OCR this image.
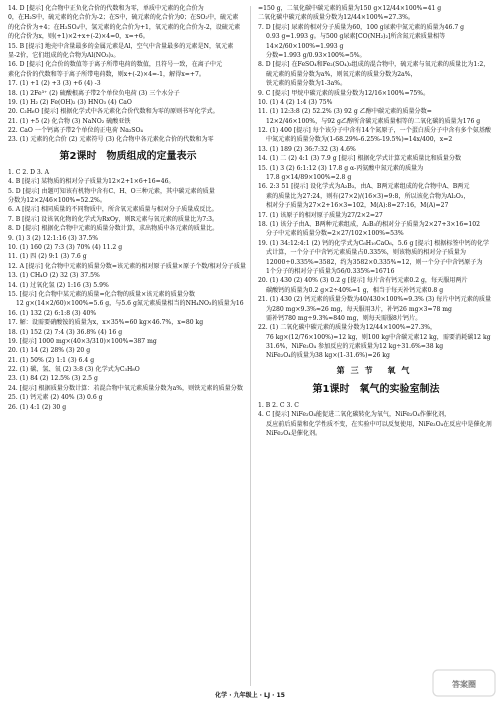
14. D [提示] 化合物中正负化合价的代数和为零，单质中元素的化合价为
0，在H₂S中，硫元素的化合价为-2；在S中，硫元素的化合价为0；在SO₂中，硫元素
的化合价为+4；在H₂SO₄中，氢元素的化合价为+1，氧元素的化合价为-2，设硫元素
的化合价为x，则(+1)×2+x+(-2)×4=0，x=+6。
15. B [提示] 地壳中含量最多的金属元素是Al，空气中含量最多的元素是N，氧元素
显-2价，它们组成的化合物为Al(NO₃)₃。
16. D [提示] 化合价的数值等于离子所带电荷的数值，且符号一致，在离子中元
素化合价的代数和等于离子所带电荷数，则x+(-2)×4=-1，解得x=+7。
17. (1) +1 (2) +3 (3) +6 (4) -3
18. (1) 2Fe³⁺ (2) 硫酸根离子带2个单位负电荷 (3) 三个水分子
19. (1) H₂ (2) Fe(OH)₂ (3) HNO₃ (4) CaO
20. C₂H₆O [提示] 根据化学式中各元素化合价代数和为零的原则书写化学式。
21. (1) +5 (2) 化合物 (3) NaNO₂ 硫酸亚铁
22. CaO 一个钙离子带2个单位的正电荷 Na₂SO₄
23. (1) 元素的化合价 (2) 元素符号 (3) 化合物中各元素化合价的代数和为零
第2课时 物质组成的定量表示
1. C 2. D 3. A
4. B [提示] 某物质的相对分子质量为12×2+1×6+16=46。
5. D [提示] 由题可知该有机物中含有C、H、O三种元素，其中碳元素的质量
分数为12×2/46×100%≈52.2%。
6. A [提示] 相同质量的不同物质中，所含氧元素质量与相对分子质量成反比。
7. B [提示] 设该氧化物的化学式为RxOy，则R元素与氧元素的质量比为7:3。
8. D [提示] 根据化合物中元素的质量分数计算，求出物质中各元素的质量比。
9. (1) 3 (2) 12:1:16 (3) 37.5%
10. (1) 160 (2) 7:3 (3) 70% (4) 11.2 g
11. (1) 四 (2) 9:1 (3) 7.6 g
12. A [提示] 化合物中元素的质量分数=该元素的相对原子质量×原子个数/相对分子质量
13. (1) CH₄O (2) 32 (3) 37.5%
14. (1) 过氧化氢 (2) 1:16 (3) 5.9%
15. [提示] 化合物中某元素的质量=化合物的质量×该元素的质量分数
12 g×(14×2/60)×100%=5.6 g，与5.6 g氮元素质量相当的NH₄NO₃的质量为16
16. (1) 132 (2) 6:1:8 (3) 40%
17. 解：设需要硝酸铵的质量为x，x×35%=60 kg×46.7%，x=80 kg
18. (1) 152 (2) 7:4 (3) 36.8% (4) 16 g
19. [提示] 1000 mg×(40×3/310)×100%≈387 mg
20. (1) 14 (2) 28% (3) 20 g
21. (1) 50% (2) 1:1 (3) 6.4 g
22. (1) 碳、氢、氧 (2) 3:8 (3) 化学式为C₃H₈O
23. (1) 84 (2) 12.5% (3) 2.5 g
24. [提示] 根据质量分数计算：若混合物中氧元素质量分数为a%，则铁元素的质量分数
25. (1) 钙元素 (2) 40% (3) 0.6 g
26. (1) 4:1 (2) 30 g
=150 g，二氧化碳中碳元素的质量为150 g×12/44×100%=41 g
二氧化碳中碳元素的质量分数为12/44×100%≈27.3%。
7. D [提示] 尿素的相对分子质量为60，100 g尿素中氮元素的质量为46.7 g
0.93 g=1.993 g。与500 g尿素[CO(NH₂)₂]所含氮元素质量相等
14×2/60×100%=1.993 g
分数=1.993 g/0.93×100%=5%。
8. D [提示] 在FeSO₄和Fe₂(SO₄)₃组成的混合物中，硫元素与氧元素的质量比为1:2，
硫元素的质量分数为a%，则氧元素的质量分数为2a%，
铁元素的质量分数为1-3a%。
9. C [提示] 甲烷中碳元素的质量分数为12/16×100%=75%。
10. (1) 4 (2) 1:4 (3) 75%
11. (1) 12:3:8 (2) 52.2% (3) 92 g 乙醇中碳元素的质量分数=
12×2/46×100%，与92 g乙醇所含碳元素质量相等的二氧化碳的质量为176 g
12. (1) 400 [提示] 每个该分子中含有14个氮原子，一个蛋白质分子中含有多个氨基酸
中氮元素的质量分数为(1-68.29%-6.25%-19.5%)=14x/400，x=2
13. (1) 189 (2) 36:7:32 (3) 4.6%
14. (1) 二 (2) 4:1 (3) 7.9 g [提示] 根据化学式计算元素质量比和质量分数
15. (1) 3 (2) 6:1:12 (3) 17.8 g α-丙氨酸中氮元素的质量为
17.8 g×14/89×100%=2.8 g
16. 2:3 51 [提示] 设化学式为A₂B₃，由A、B两元素组成的化合物中A、B两元
素的质量比为27:24，则有(27×2)/(16×3)=9:8，所以该化合物为Al₂O₃，
相对分子质量为27×2+16×3=102，M(A):8=27:16，M(A)=27
17. (1) 该原子的相对原子质量为27/2×2=27
18. (1) 该分子由A、B两种元素组成，A₂B₃的相对分子质量为2×27+3×16=102
分子中元素的质量分数=2×27/102×100%=53%
19. (1) 34:12:4:1 (2) 钙的化学式为C₆H₁₀CaO₆，5.6 g [提示] 根据标签中钙的化学
式计算，一个分子中含钙元素质量占0.335%，则该物质的相对分子质量为
12000÷0.335%=3582，约为3582×0.335%≈12，则一个分子中含钙原子为
1个分子的相对分子质量为56/0.335%=16716
20. (1) 430 (2) 40% (3) 0.2 g [提示] 每片含有钙元素0.2 g，每天服用两片
碳酸钙的质量为0.2 g×2÷40%=1 g，相当于每天补钙元素0.8 g
21. (1) 430 (2) 钙元素的质量分数为40/430×100%≈9.3% (3) 每片中钙元素的质量
为280 mg×9.3%≈26 mg，每天服用3片，补钙26 mg×3=78 mg
需补钙780 mg÷9.3%≈840 mg，则每天需服8片钙片。
22. (1) 二氧化碳中碳元素的质量分数为12/44×100%=27.3%，
76 kg×(12/76×100%)=12 kg，则100 kg中含碳元素12 kg，需要消耗碳12 kg
31.6%，NiFe₂O₄ 参加反应的元素质量为12 kg÷31.6%=38 kg
NiFe₂O₄的质量为38 kg×(1-31.6%)=26 kg
第三节 氧气
第1课时 氧气的实验室制法
1. B 2. C 3. C
4. C [提示] NiFe₂O₄能促进二氧化碳转化为氧气，NiFe₂O₄作催化剂，
反应前后质量和化学性质不变，在实验中可以反复使用，NiFe₂O₄在反应中是催化剂
NiFe₂O₄是催化剂。
化学 · 九年级上 · LJ · 15
答案圈
